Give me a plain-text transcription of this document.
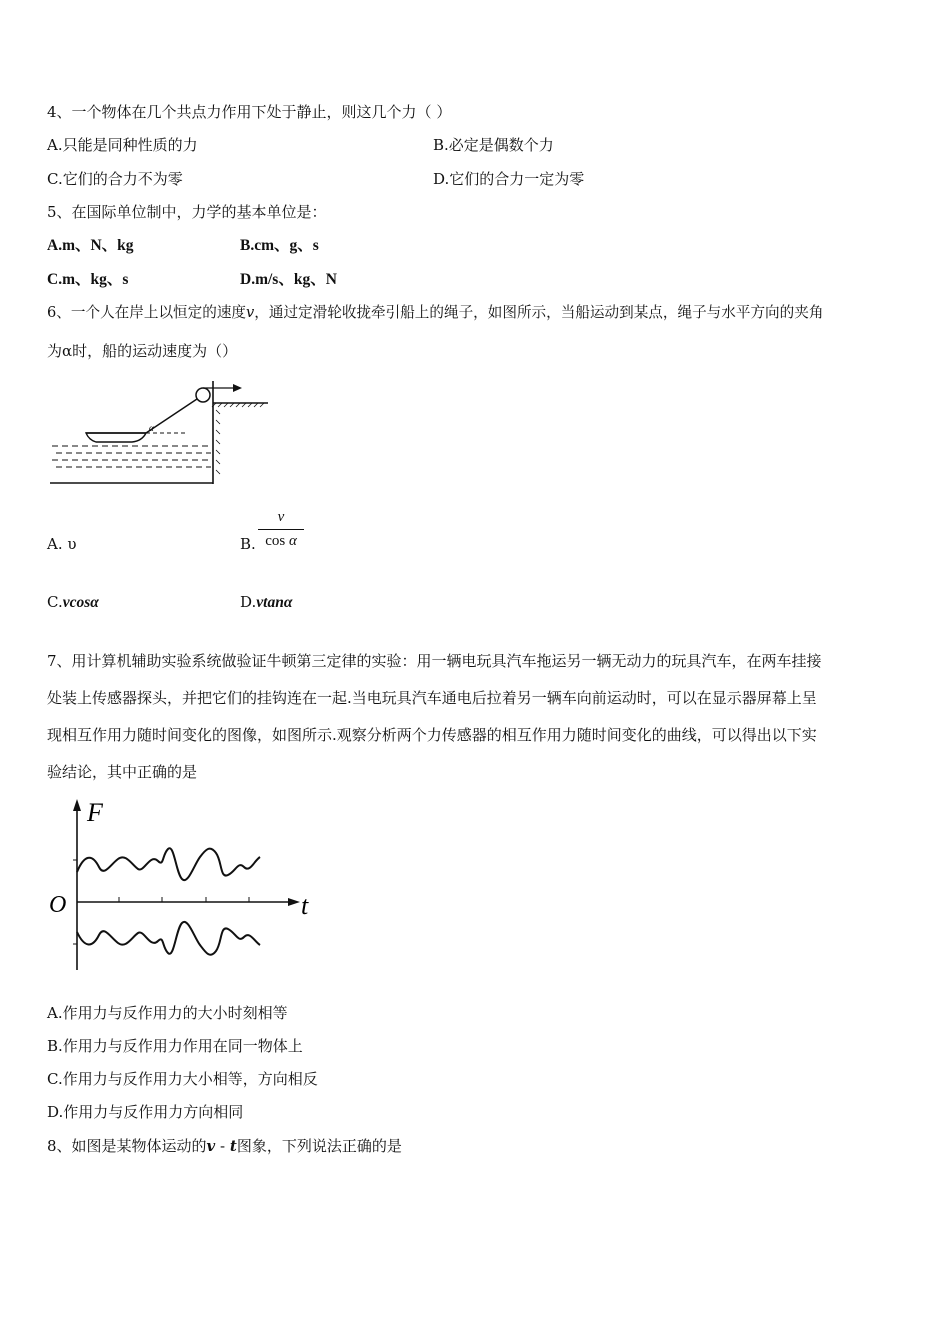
4、一个物体在几个共点力作用下处于静止，则这几个力（ ）
A.只能是同种性质的力	B.必定是偶数个力
C.它们的合力不为零	D.它们的合力一定为零
5、在国际单位制中，力学的基本单位是：
A.m、N、kg	B.cm、g、s
C.m、kg、s	D.m/s、kg、N
6、一个人在岸上以恒定的速度v，通过定滑轮收拢牵引船上的绳子，如图所示，当船运动到某点，绳子与水平方向的夹角
为α时，船的运动速度为（）
α
A. υ	B. $\frac{v}{\text{cos α}}$
C.vcosα	D.vtanα
7、用计算机辅助实验系统做验证牛顿第三定律的实验：用一辆电玩具汽车拖运另一辆无动力的玩具汽车，在两车挂接
处装上传感器探头，并把它们的挂钩连在一起.当电玩具汽车通电后拉着另一辆车向前运动时，可以在显示器屏幕上呈
现相互作用力随时间变化的图像，如图所示.观察分析两个力传感器的相互作用力随时间变化的曲线，可以得出以下实
验结论，其中正确的是
F
t
O
A.作用力与反作用力的大小时刻相等
B.作用力与反作用力作用在同一物体上
C.作用力与反作用力大小相等，方向相反
D.作用力与反作用力方向相同
8、如图是某物体运动的v - t图象，下列说法正确的是
